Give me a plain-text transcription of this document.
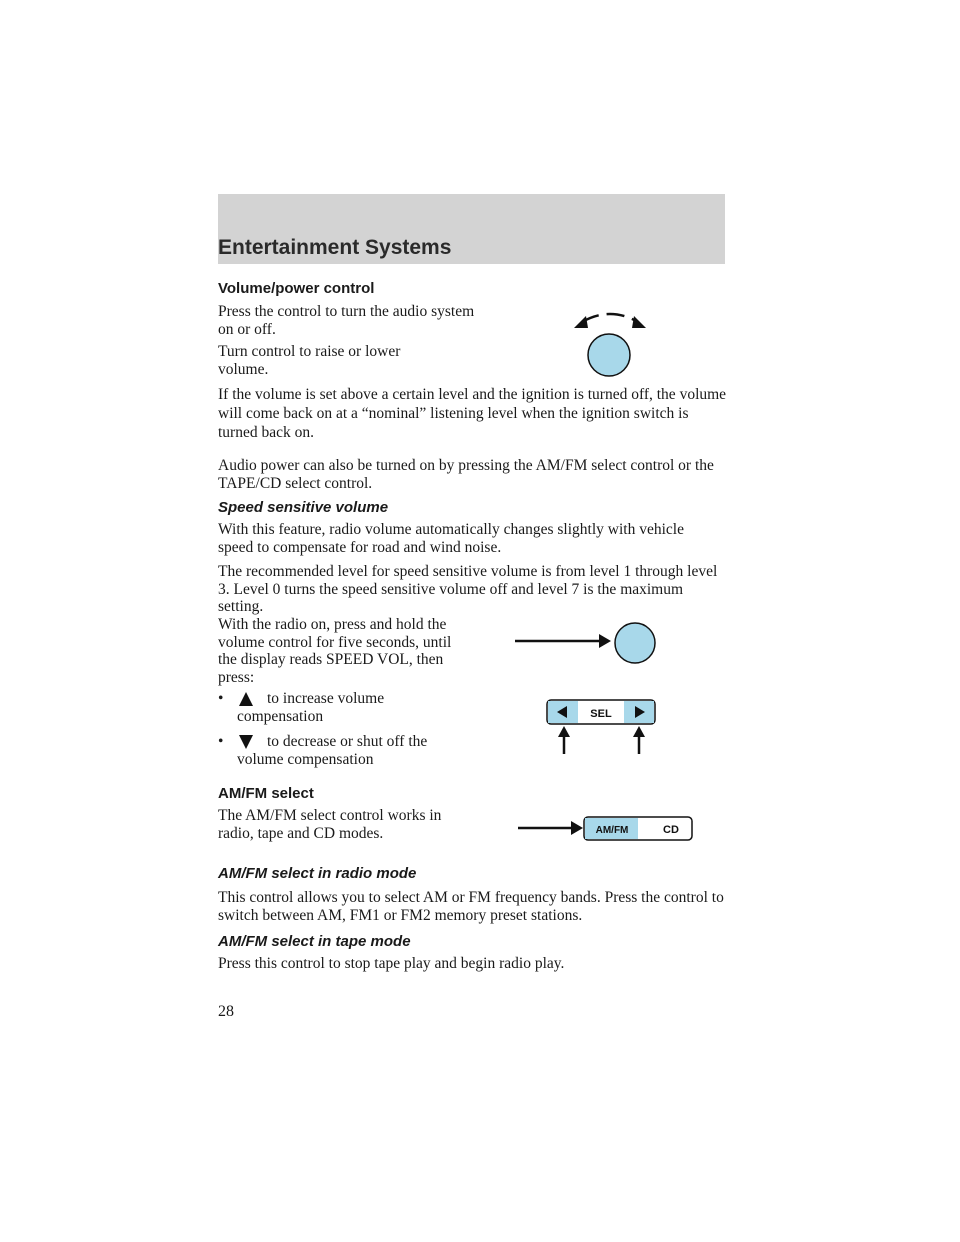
Entertainment Systems
Volume/power control

Press the control to turn the audio system on or off.

Turn control to raise or lower volume.

If the volume is set above a certain level and the ignition is turned off, the volume will come back on at a “nominal” listening level when the ignition switch is turned back on.

Audio power can also be turned on by pressing the AM/FM select control or the TAPE/CD select control.

Speed sensitive volume

With this feature, radio volume automatically changes slightly with vehicle speed to compensate for road and wind noise.

The recommended level for speed sensitive volume is from level 1 through level 3. Level 0 turns the speed sensitive volume off and level 7 is the maximum setting.

With the radio on, press and hold the volume control for five seconds, until the display reads SPEED VOL, then press:

•	to increase volume compensation

•	to decrease or shut off the volume compensation

AM/FM select

The AM/FM select control works in radio, tape and CD modes.

AM/FM select in radio mode

This control allows you to select AM or FM frequency bands. Press the control to switch between AM, FM1 or FM2 memory preset stations.

AM/FM select in tape mode

Press this control to stop tape play and begin radio play.

28
SEL
AM/FM	CD
